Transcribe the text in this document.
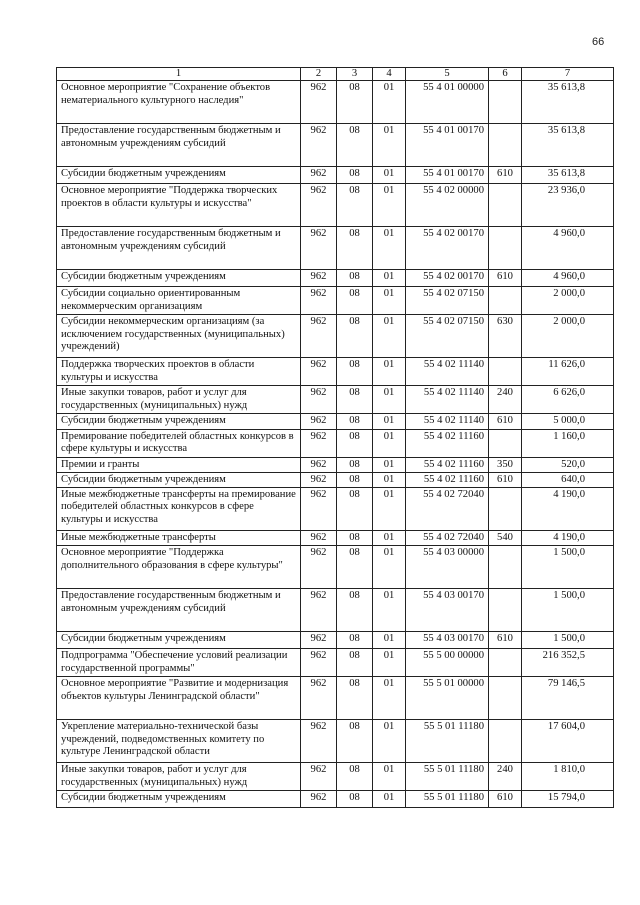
66
1	2	3	4	5	6	7
Основное мероприятие "Сохранение объектов нематериального культурного наследия"	962	08	01	55 4 01 00000		35 613,8
Предоставление государственным бюджетным и автономным учреждениям субсидий	962	08	01	55 4 01 00170		35 613,8
Субсидии бюджетным учреждениям	962	08	01	55 4 01 00170	610	35 613,8
Основное мероприятие "Поддержка творческих проектов в области культуры и искусства"	962	08	01	55 4 02 00000		23 936,0
Предоставление государственным бюджетным и автономным учреждениям субсидий	962	08	01	55 4 02 00170		4 960,0
Субсидии бюджетным учреждениям	962	08	01	55 4 02 00170	610	4 960,0
Субсидии социально ориентированным некоммерческим организациям	962	08	01	55 4 02 07150		2 000,0
Субсидии некоммерческим организациям (за исключением государственных (муниципальных) учреждений)	962	08	01	55 4 02 07150	630	2 000,0
Поддержка творческих проектов в области культуры и искусства	962	08	01	55 4 02 11140		11 626,0
Иные закупки товаров, работ и услуг для государственных (муниципальных) нужд	962	08	01	55 4 02 11140	240	6 626,0
Субсидии бюджетным учреждениям	962	08	01	55 4 02 11140	610	5 000,0
Премирование победителей областных конкурсов в сфере культуры и искусства	962	08	01	55 4 02 11160		1 160,0
Премии и гранты	962	08	01	55 4 02 11160	350	520,0
Субсидии бюджетным учреждениям	962	08	01	55 4 02 11160	610	640,0
Иные межбюджетные трансферты на премирование победителей областных конкурсов в сфере культуры и искусства	962	08	01	55 4 02 72040		4 190,0
Иные межбюджетные трансферты	962	08	01	55 4 02 72040	540	4 190,0
Основное мероприятие "Поддержка дополнительного образования в сфере культуры"	962	08	01	55 4 03 00000		1 500,0
Предоставление государственным бюджетным и автономным учреждениям субсидий	962	08	01	55 4 03 00170		1 500,0
Субсидии бюджетным учреждениям	962	08	01	55 4 03 00170	610	1 500,0
Подпрограмма "Обеспечение условий реализации государственной программы"	962	08	01	55 5 00 00000		216 352,5
Основное мероприятие "Развитие и модернизация объектов культуры Ленинградской области"	962	08	01	55 5 01 00000		79 146,5
Укрепление материально-технической базы учреждений, подведомственных комитету по культуре Ленинградской области	962	08	01	55 5 01 11180		17 604,0
Иные закупки товаров, работ и услуг для государственных (муниципальных) нужд	962	08	01	55 5 01 11180	240	1 810,0
Субсидии бюджетным учреждениям	962	08	01	55 5 01 11180	610	15 794,0
